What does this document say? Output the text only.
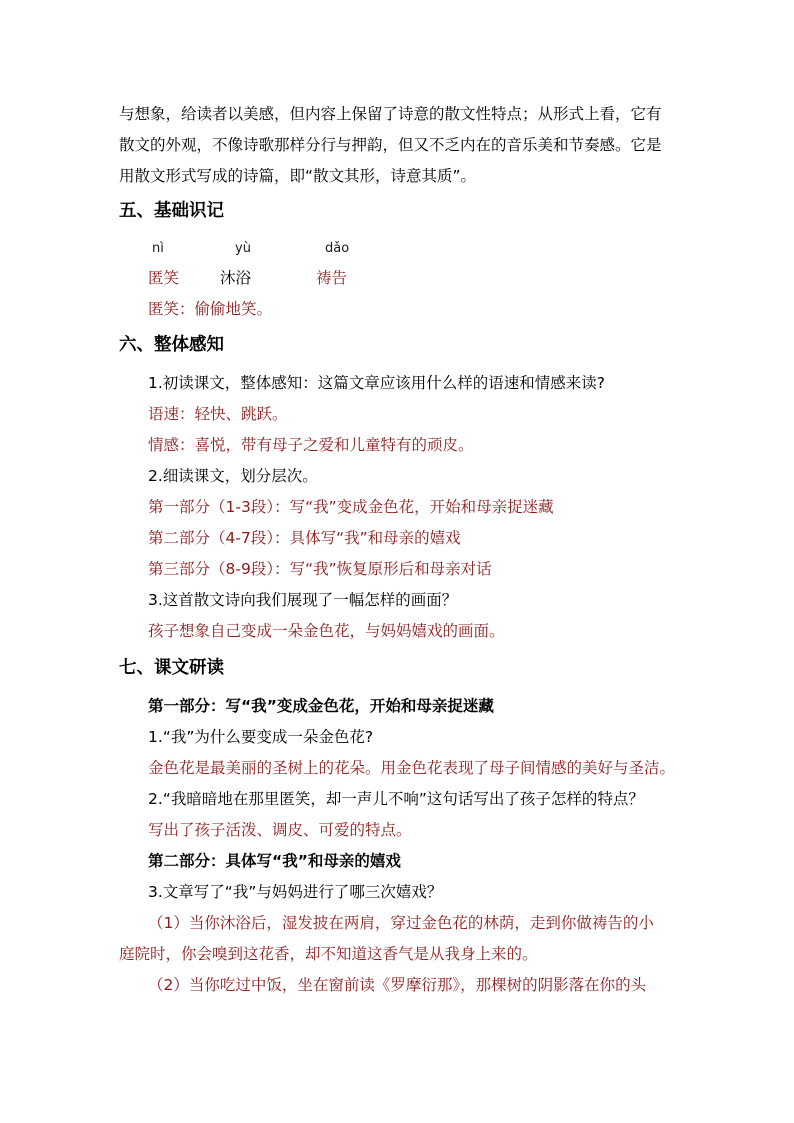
与想象，给读者以美感，但内容上保留了诗意的散文性特点；从形式上看，它有
散文的外观，不像诗歌那样分行与押韵，但又不乏内在的音乐美和节奏感。它是
用散文形式写成的诗篇，即“散文其形，诗意其质”。
五、基础识记
nì	yù	dǎo
匿笑	沐浴	祷告
匿笑：偷偷地笑。
六、整体感知
1.初读课文，整体感知：这篇文章应该用什么样的语速和情感来读?
语速：轻快、跳跃。
情感：喜悦，带有母子之爱和儿童特有的顽皮。
2.细读课文，划分层次。
第一部分（1-3段）：写“我”变成金色花，开始和母亲捉迷藏
第二部分（4-7段）：具体写“我”和母亲的嬉戏
第三部分（8-9段）：写“我”恢复原形后和母亲对话
3.这首散文诗向我们展现了一幅怎样的画面？
孩子想象自己变成一朵金色花，与妈妈嬉戏的画面。
七、课文研读
第一部分：写“我”变成金色花，开始和母亲捉迷藏
1.“我”为什么要变成一朵金色花?
金色花是最美丽的圣树上的花朵。用金色花表现了母子间情感的美好与圣洁。
2.“我暗暗地在那里匿笑，却一声儿不响”这句话写出了孩子怎样的特点？
写出了孩子活泼、调皮、可爱的特点。
第二部分：具体写“我”和母亲的嬉戏
3.文章写了“我”与妈妈进行了哪三次嬉戏？
（1）当你沐浴后，湿发披在两肩，穿过金色花的林荫，走到你做祷告的小
庭院时，你会嗅到这花香，却不知道这香气是从我身上来的。
（2）当你吃过中饭，坐在窗前读《罗摩衍那》，那棵树的阴影落在你的头
